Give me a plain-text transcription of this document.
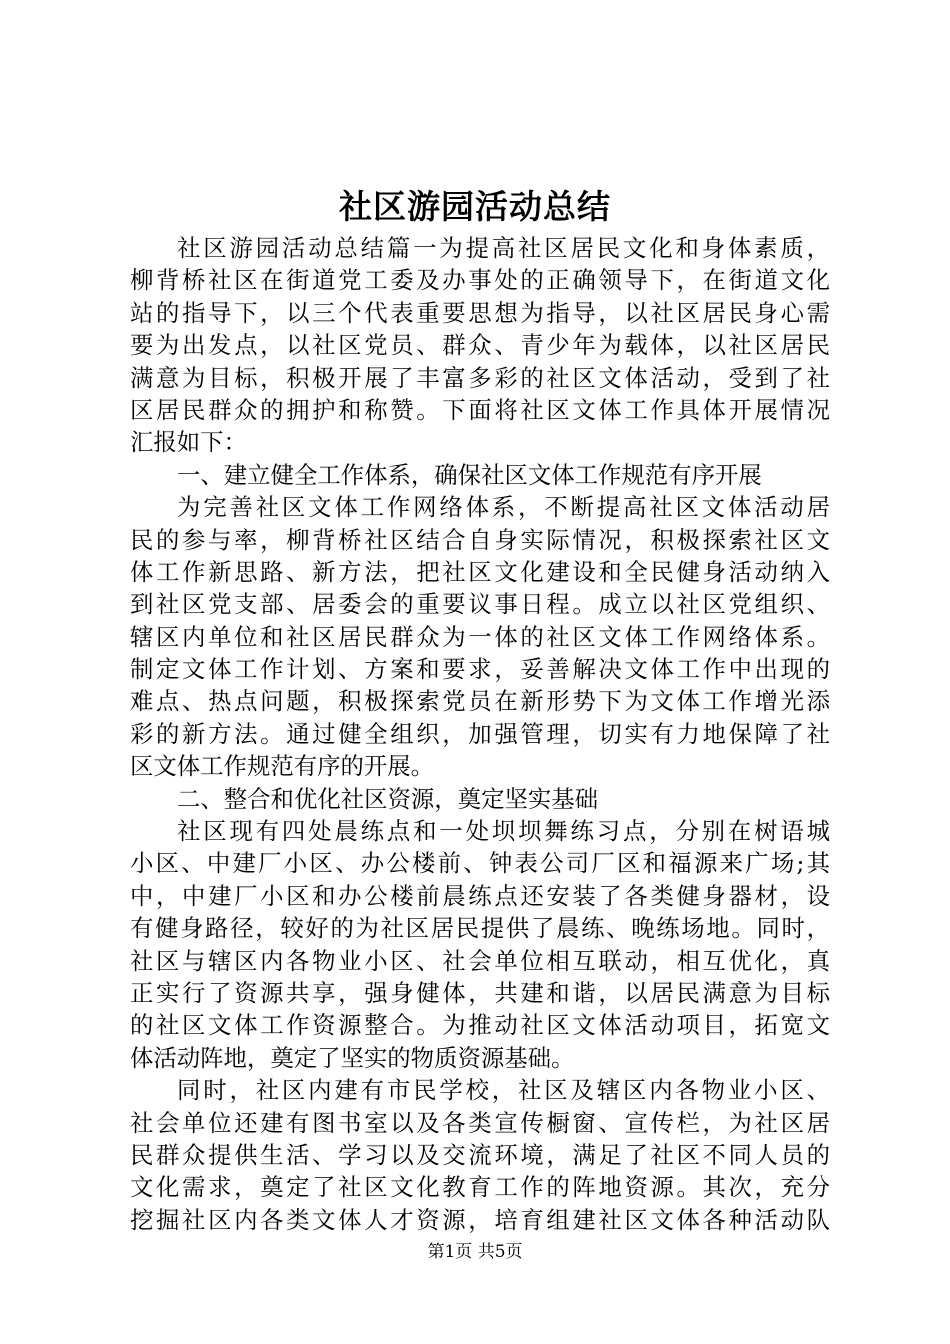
社区游园活动总结
社区游园活动总结篇一为提高社区居民文化和身体素质，
柳背桥社区在街道党工委及办事处的正确领导下，在街道文化
站的指导下，以三个代表重要思想为指导，以社区居民身心需
要为出发点，以社区党员、群众、青少年为载体，以社区居民
满意为目标，积极开展了丰富多彩的社区文体活动，受到了社
区居民群众的拥护和称赞。下面将社区文体工作具体开展情况
汇报如下：
一、建立健全工作体系，确保社区文体工作规范有序开展
为完善社区文体工作网络体系，不断提高社区文体活动居
民的参与率，柳背桥社区结合自身实际情况，积极探索社区文
体工作新思路、新方法，把社区文化建设和全民健身活动纳入
到社区党支部、居委会的重要议事日程。成立以社区党组织、
辖区内单位和社区居民群众为一体的社区文体工作网络体系。
制定文体工作计划、方案和要求，妥善解决文体工作中出现的
难点、热点问题，积极探索党员在新形势下为文体工作增光添
彩的新方法。通过健全组织，加强管理，切实有力地保障了社
区文体工作规范有序的开展。
二、整合和优化社区资源，奠定坚实基础
社区现有四处晨练点和一处坝坝舞练习点，分别在树语城
小区、中建厂小区、办公楼前、钟表公司厂区和福源来广场;其
中，中建厂小区和办公楼前晨练点还安装了各类健身器材，设
有健身路径，较好的为社区居民提供了晨练、晚练场地。同时，
社区与辖区内各物业小区、社会单位相互联动，相互优化，真
正实行了资源共享，强身健体，共建和谐，以居民满意为目标
的社区文体工作资源整合。为推动社区文体活动项目，拓宽文
体活动阵地，奠定了坚实的物质资源基础。
同时，社区内建有市民学校，社区及辖区内各物业小区、
社会单位还建有图书室以及各类宣传橱窗、宣传栏，为社区居
民群众提供生活、学习以及交流环境，满足了社区不同人员的
文化需求，奠定了社区文化教育工作的阵地资源。其次，充分
挖掘社区内各类文体人才资源，培育组建社区文体各种活动队
第1页 共5页
